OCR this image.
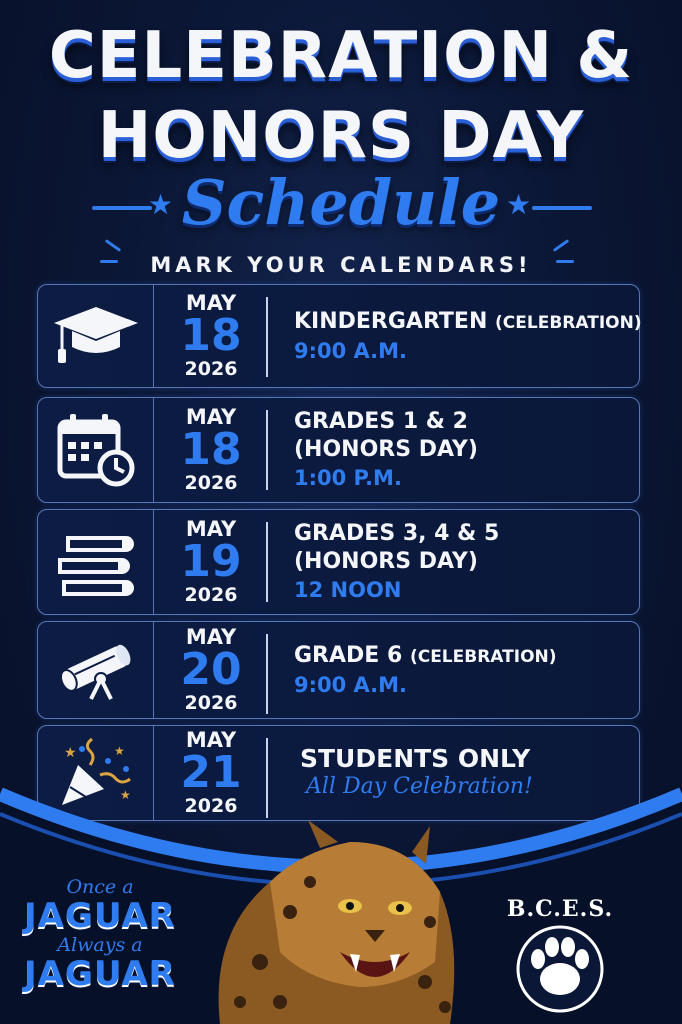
CELEBRATION &
HONORS DAY
★ Schedule ★
MARK YOUR CALENDARS!
MAY
18
2026
KINDERGARTEN (CELEBRATION)
9:00 A.M.
MAY
18
2026
GRADES 1 & 2
(HONORS DAY)
1:00 P.M.
MAY
19
2026
GRADES 3, 4 & 5
(HONORS DAY)
12 NOON
MAY
20
2026
GRADE 6 (CELEBRATION)
9:00 A.M.
★	★
★
MAY
21
2026
STUDENTS ONLY
All Day Celebration!
Once a
JAGUAR
Always a
JAGUAR
B.C.E.S.
